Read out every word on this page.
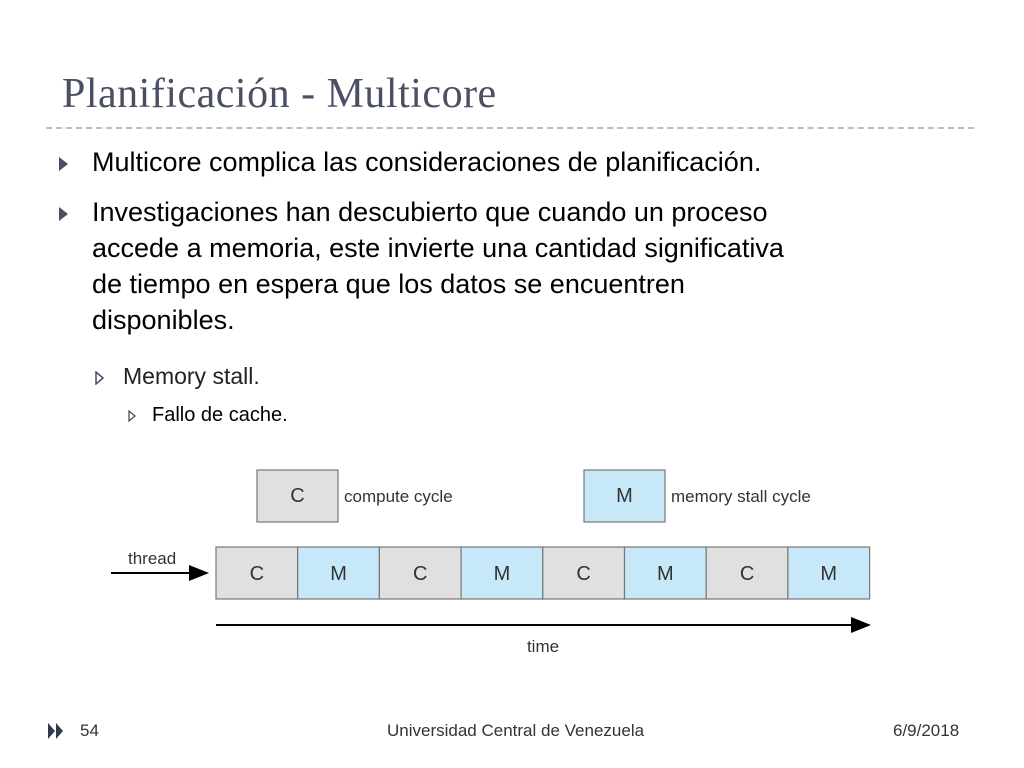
Planificación - Multicore
Multicore complica las consideraciones de planificación.
Investigaciones han descubierto que cuando un proceso
accede a memoria, este invierte una cantidad significativa
de tiempo en espera que los datos se encuentren
disponibles.
Memory stall.
Fallo de cache.
C compute cycle	M memory stall cycle
thread
C	M	C	M	C	M	C	M
time
54	Universidad Central de Venezuela	6/9/2018
